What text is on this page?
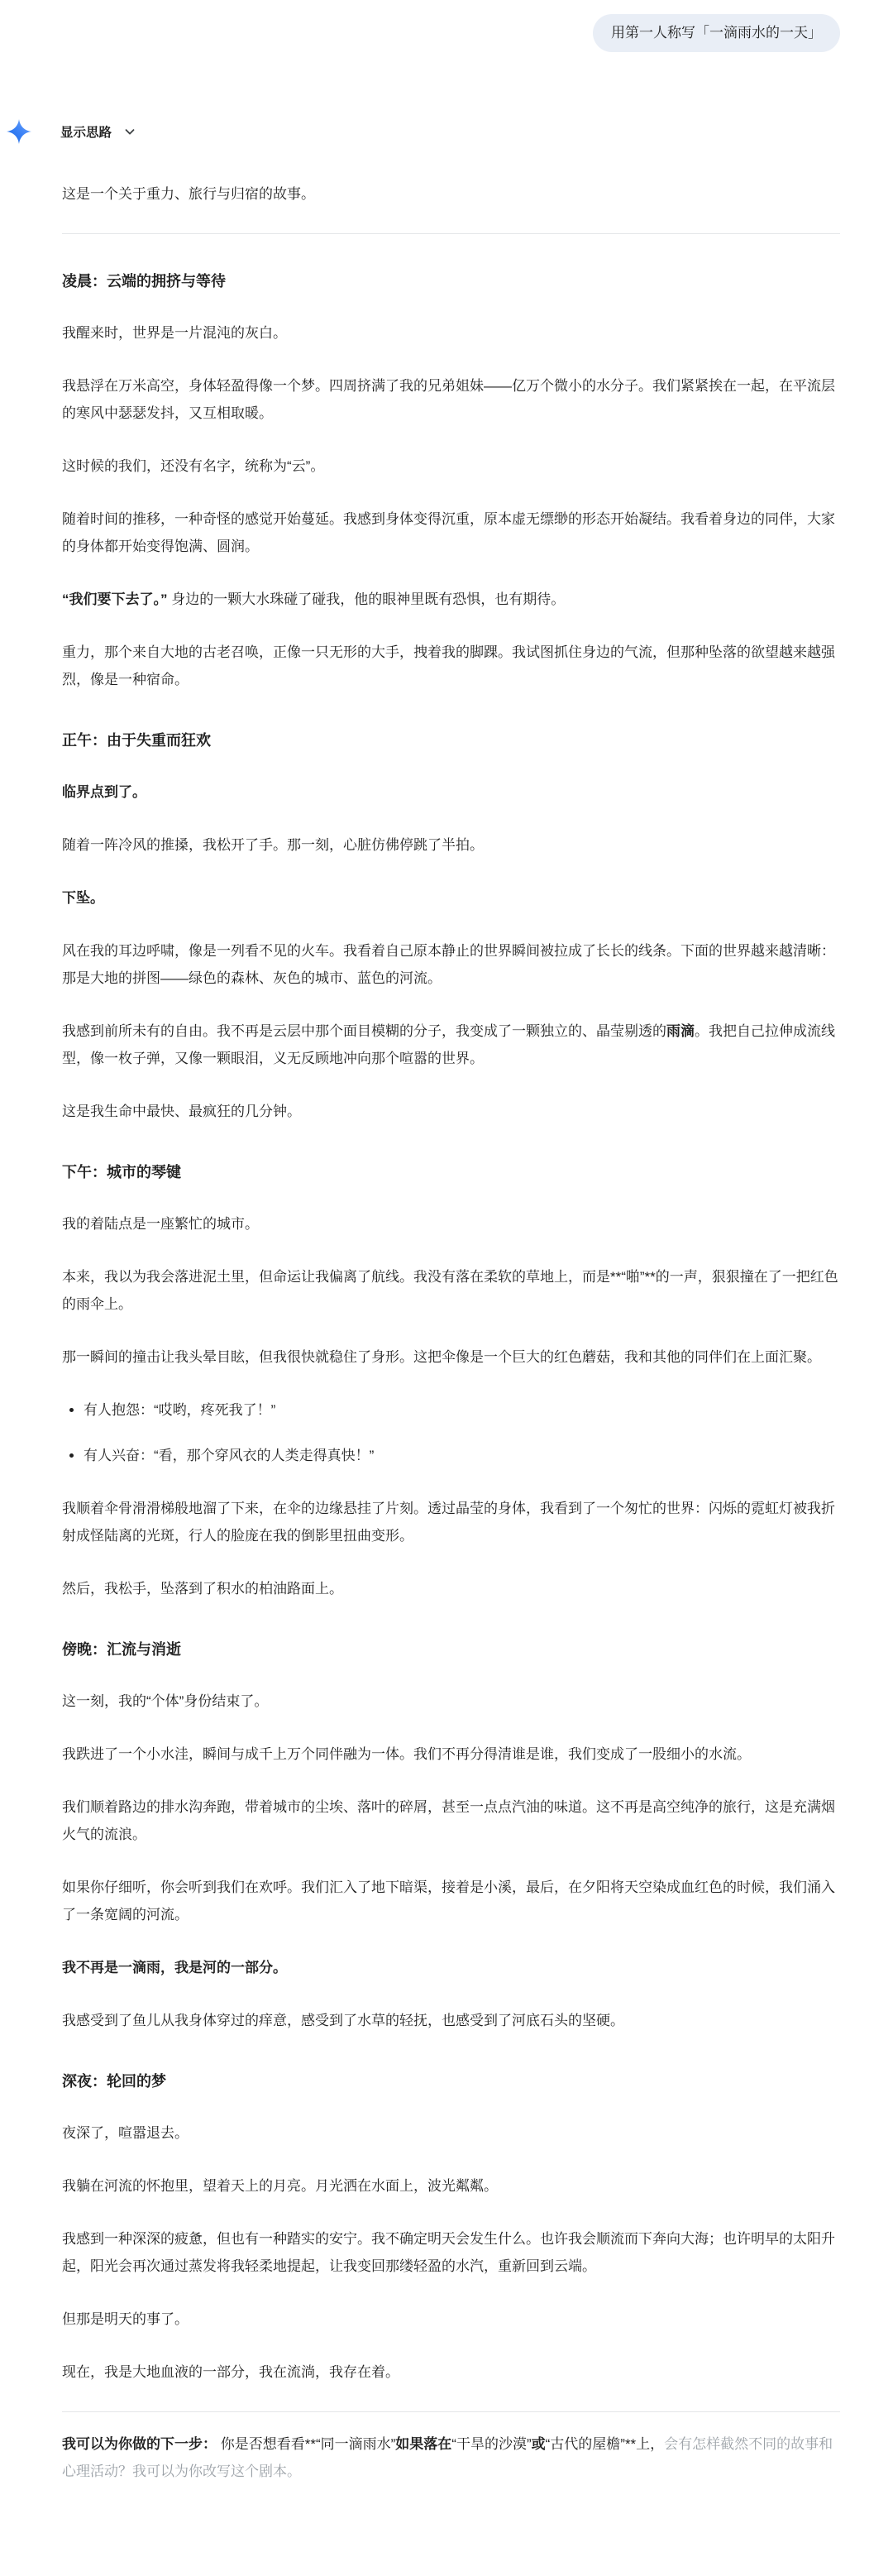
用第一人称写「一滴雨水的一天」
显示思路

这是一个关于重力、旅行与归宿的故事。

凌晨：云端的拥挤与等待

我醒来时，世界是一片混沌的灰白。

我悬浮在万米高空，身体轻盈得像一个梦。四周挤满了我的兄弟姐妹——亿万个微小的水分子。我们紧紧挨在一起，在平流层的寒风中瑟瑟发抖，又互相取暖。

这时候的我们，还没有名字，统称为“云”。

随着时间的推移，一种奇怪的感觉开始蔓延。我感到身体变得沉重，原本虚无缥缈的形态开始凝结。我看着身边的同伴，大家的身体都开始变得饱满、圆润。

“我们要下去了。” 身边的一颗大水珠碰了碰我，他的眼神里既有恐惧，也有期待。

重力，那个来自大地的古老召唤，正像一只无形的大手，拽着我的脚踝。我试图抓住身边的气流，但那种坠落的欲望越来越强烈，像是一种宿命。

正午：由于失重而狂欢

临界点到了。

随着一阵冷风的推搡，我松开了手。那一刻，心脏仿佛停跳了半拍。

下坠。

风在我的耳边呼啸，像是一列看不见的火车。我看着自己原本静止的世界瞬间被拉成了长长的线条。下面的世界越来越清晰：那是大地的拼图——绿色的森林、灰色的城市、蓝色的河流。

我感到前所未有的自由。我不再是云层中那个面目模糊的分子，我变成了一颗独立的、晶莹剔透的雨滴。我把自己拉伸成流线型，像一枚子弹，又像一颗眼泪，义无反顾地冲向那个喧嚣的世界。

这是我生命中最快、最疯狂的几分钟。

下午：城市的琴键

我的着陆点是一座繁忙的城市。

本来，我以为我会落进泥土里，但命运让我偏离了航线。我没有落在柔软的草地上，而是**“啪”**的一声，狠狠撞在了一把红色的雨伞上。

那一瞬间的撞击让我头晕目眩，但我很快就稳住了身形。这把伞像是一个巨大的红色蘑菇，我和其他的同伴们在上面汇聚。

• 有人抱怨：“哎哟，疼死我了！”
• 有人兴奋：“看，那个穿风衣的人类走得真快！”

我顺着伞骨滑滑梯般地溜了下来，在伞的边缘悬挂了片刻。透过晶莹的身体，我看到了一个匆忙的世界：闪烁的霓虹灯被我折射成怪陆离的光斑，行人的脸庞在我的倒影里扭曲变形。

然后，我松手，坠落到了积水的柏油路面上。

傍晚：汇流与消逝

这一刻，我的“个体”身份结束了。

我跌进了一个小水洼，瞬间与成千上万个同伴融为一体。我们不再分得清谁是谁，我们变成了一股细小的水流。

我们顺着路边的排水沟奔跑，带着城市的尘埃、落叶的碎屑，甚至一点点汽油的味道。这不再是高空纯净的旅行，这是充满烟火气的流浪。

如果你仔细听，你会听到我们在欢呼。我们汇入了地下暗渠，接着是小溪，最后，在夕阳将天空染成血红色的时候，我们涌入了一条宽阔的河流。

我不再是一滴雨，我是河的一部分。

我感受到了鱼儿从我身体穿过的痒意，感受到了水草的轻抚，也感受到了河底石头的坚硬。

深夜：轮回的梦

夜深了，喧嚣退去。

我躺在河流的怀抱里，望着天上的月亮。月光洒在水面上，波光粼粼。

我感到一种深深的疲惫，但也有一种踏实的安宁。我不确定明天会发生什么。也许我会顺流而下奔向大海；也许明早的太阳升起，阳光会再次通过蒸发将我轻柔地提起，让我变回那缕轻盈的水汽，重新回到云端。

但那是明天的事了。

现在，我是大地血液的一部分，我在流淌，我存在着。

我可以为你做的下一步： 你是否想看看**“同一滴雨水”如果落在“干旱的沙漠”或“古代的屋檐”**上，会有怎样截然不同的故事和心理活动？我可以为你改写这个剧本。
